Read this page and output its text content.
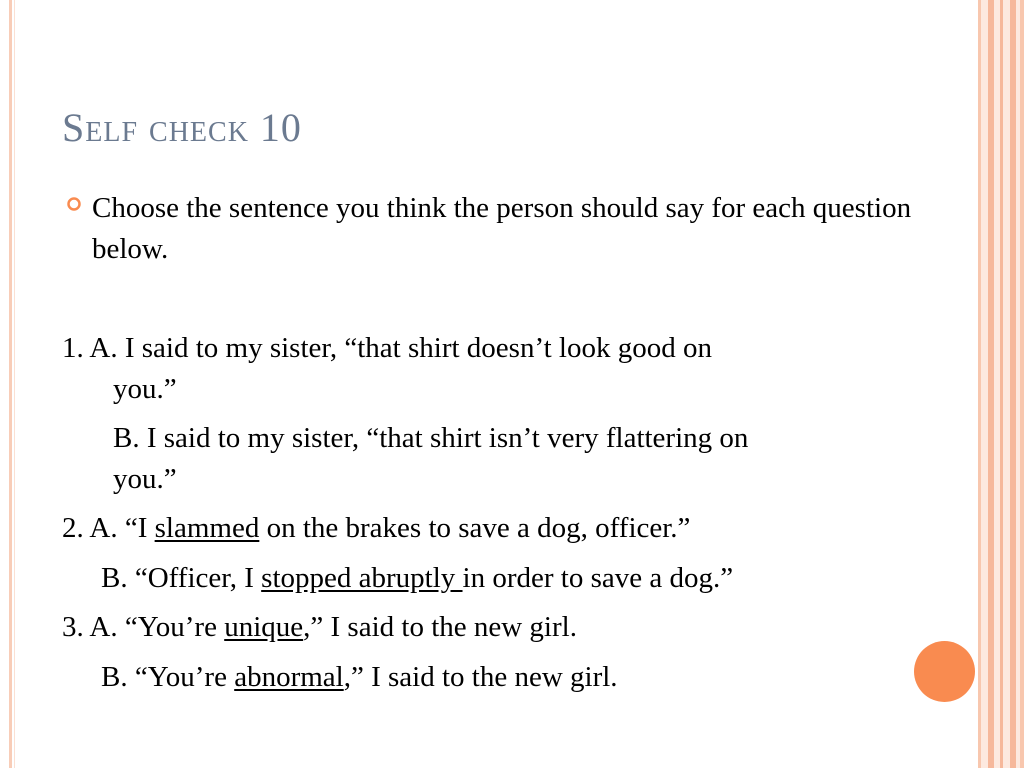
Self check 10

Choose the sentence you think the person should say for each question below.

1. A. I said to my sister, “that shirt doesn’t look good on

you.”

B. I said to my sister, “that shirt isn’t very flattering on

you.”

2. A. “I slammed on the brakes to save a dog, officer.”

B. “Officer, I stopped abruptly in order to save a dog.”

3. A. “You’re unique,” I said to the new girl.

B. “You’re abnormal,” I said to the new girl.
